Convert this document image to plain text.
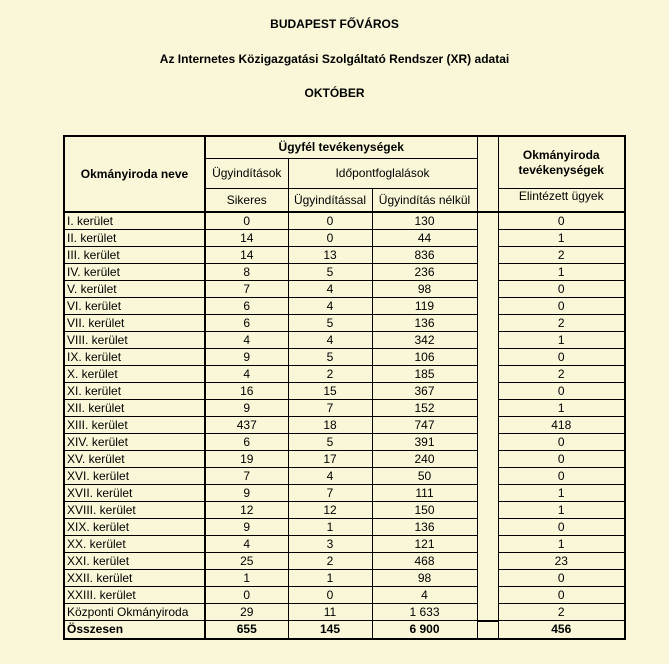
BUDAPEST FŐVÁROS
Az Internetes Közigazgatási Szolgáltató Rendszer (XR) adatai
OKTÓBER
Okmányiroda neve	Ügyfél tevékenységek				Okmányiroda tevékenységek
	Ügyindítások	Időpontfoglalások			
	Sikeres	Ügyindítással	Ügyindítás nélkül		Elintézett ügyek
I. kerület	0	0	130		0
II. kerület	14	0	44		1
III. kerület	14	13	836		2
IV. kerület	8	5	236		1
V. kerület	7	4	98		0
VI. kerület	6	4	119		0
VII. kerület	6	5	136		2
VIII. kerület	4	4	342		1
IX. kerület	9	5	106		0
X. kerület	4	2	185		2
XI. kerület	16	15	367		0
XII. kerület	9	7	152		1
XIII. kerület	437	18	747		418
XIV. kerület	6	5	391		0
XV. kerület	19	17	240		0
XVI. kerület	7	4	50		0
XVII. kerület	9	7	111		1
XVIII. kerület	12	12	150		1
XIX. kerület	9	1	136		0
XX. kerület	4	3	121		1
XXI. kerület	25	2	468		23
XXII. kerület	1	1	98		0
XXIII. kerület	0	0	4		0
Központi Okmányiroda	29	11	1 633		2
Összesen	655	145	6 900		456
